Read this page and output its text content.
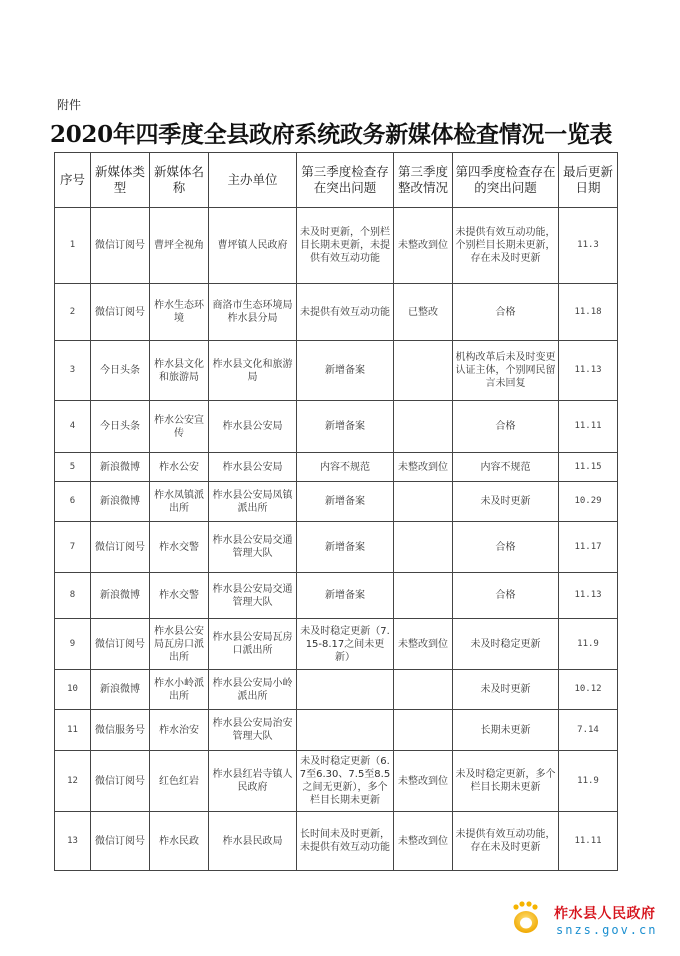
附件
2020年四季度全县政府系统政务新媒体检查情况一览表
序号	新媒体类型	新媒体名称	主办单位	第三季度检查存在突出问题	第三季度整改情况	第四季度检查存在的突出问题	最后更新日期
1	微信订阅号	曹坪全视角	曹坪镇人民政府	未及时更新，个别栏目长期未更新，未提供有效互动功能	未整改到位	未提供有效互动功能，个别栏目长期未更新，存在未及时更新	11.3
2	微信订阅号	柞水生态环境	商洛市生态环境局柞水县分局	未提供有效互动功能	已整改	合格	11.18
3	今日头条	柞水县文化和旅游局	柞水县文化和旅游局	新增备案		机构改革后未及时变更认证主体，个别网民留言未回复	11.13
4	今日头条	柞水公安宣传	柞水县公安局	新增备案		合格	11.11
5	新浪微博	柞水公安	柞水县公安局	内容不规范	未整改到位	内容不规范	11.15
6	新浪微博	柞水凤镇派出所	柞水县公安局凤镇派出所	新增备案		未及时更新	10.29
7	微信订阅号	柞水交警	柞水县公安局交通管理大队	新增备案		合格	11.17
8	新浪微博	柞水交警	柞水县公安局交通管理大队	新增备案		合格	11.13
9	微信订阅号	柞水县公安局瓦房口派出所	柞水县公安局瓦房口派出所	未及时稳定更新（7.15-8.17之间未更新）	未整改到位	未及时稳定更新	11.9
10	新浪微博	柞水小岭派出所	柞水县公安局小岭派出所			未及时更新	10.12
11	微信服务号	柞水治安	柞水县公安局治安管理大队			长期未更新	7.14
12	微信订阅号	红色红岩	柞水县红岩寺镇人民政府	未及时稳定更新（6.7至6.30、7.5至8.5之间无更新），多个栏目长期未更新	未整改到位	未及时稳定更新，多个栏目长期未更新	11.9
13	微信订阅号	柞水民政	柞水县民政局	长时间未及时更新，未提供有效互动功能	未整改到位	未提供有效互动功能，存在未及时更新	11.11
柞水县人民政府
snzs.gov.cn
